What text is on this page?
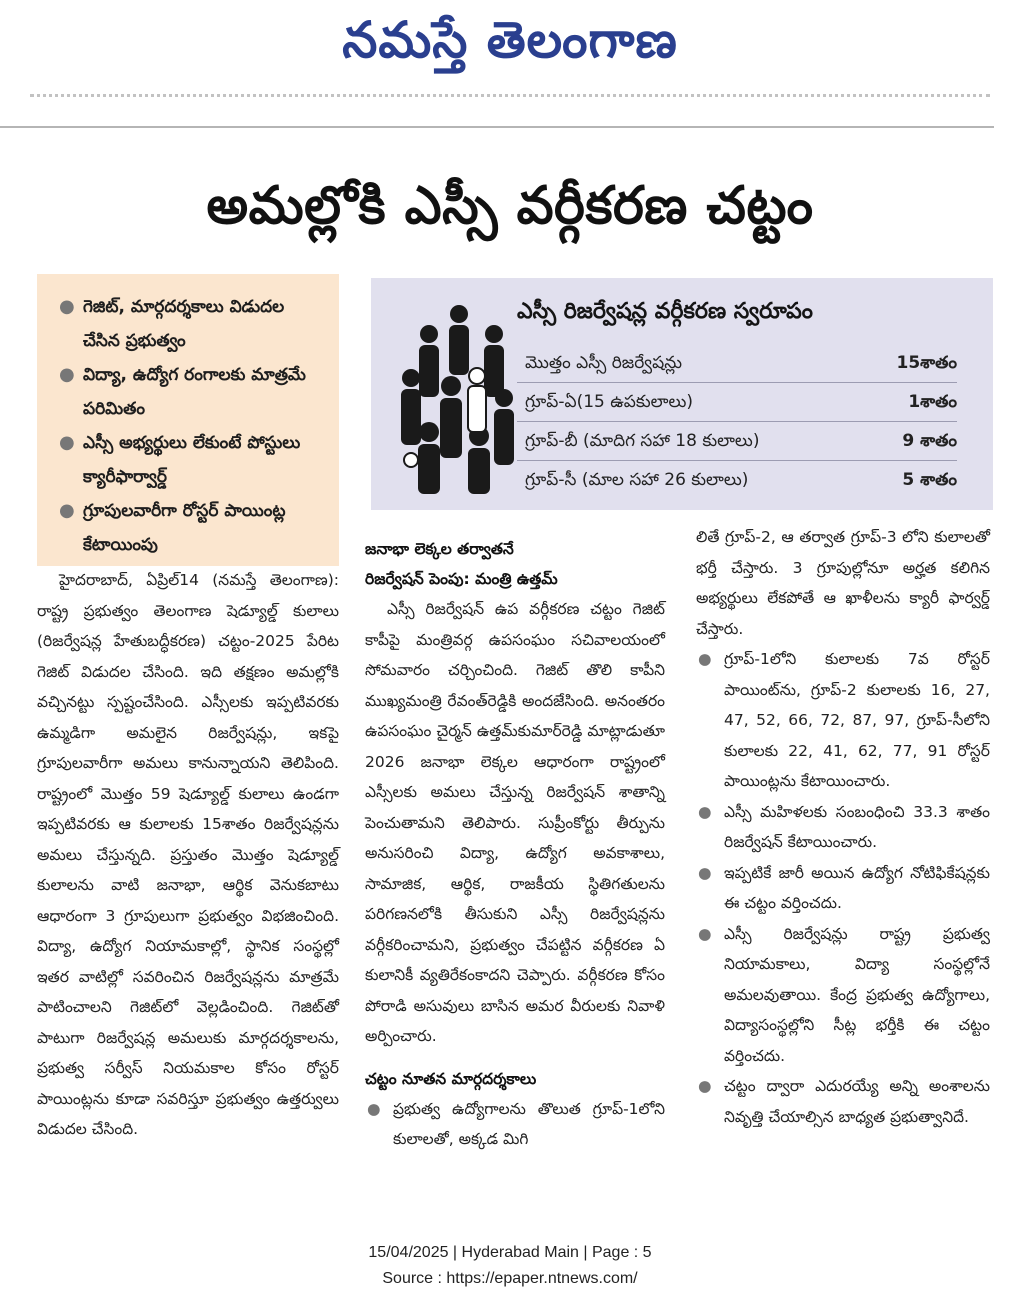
నమస్తే తెలంగాణ
అమల్లోకి ఎస్సీ వర్గీకరణ చట్టం
● గెజిట్, మార్గదర్శకాలు విడుదల చేసిన ప్రభుత్వం
● విద్యా, ఉద్యోగ రంగాలకు మాత్రమే పరిమితం
● ఎస్సీ అభ్యర్థులు లేకుంటే పోస్టులు క్యారీఫార్వార్డ్
● గ్రూపులవారీగా రోస్టర్ పాయింట్ల కేటాయింపు
ఎస్సీ రిజర్వేషన్ల వర్గీకరణ స్వరూపం
మొత్తం ఎస్సీ రిజర్వేషన్లు	15శాతం
గ్రూప్-ఏ(15 ఉపకులాలు)	1శాతం
గ్రూప్-బీ (మాదిగ సహా 18 కులాలు)	9 శాతం
గ్రూప్-సీ (మాల సహా 26 కులాలు)	5 శాతం

హైదరాబాద్, ఏప్రిల్14 (నమస్తే తెలంగాణ): రాష్ట్ర ప్రభుత్వం తెలంగాణ షెడ్యూల్డ్ కులాలు (రిజర్వేషన్ల హేతుబద్ధీకరణ) చట్టం-2025 పేరిట గెజిట్ విడుదల చేసింది. ఇది తక్షణం అమల్లోకి వచ్చినట్టు స్పష్టంచేసింది. ఎస్సీలకు ఇప్పటివరకు ఉమ్మడిగా అమలైన రిజర్వేషన్లు, ఇకపై గ్రూపులవారీగా అమలు కానున్నాయని తెలిపింది. రాష్ట్రంలో మొత్తం 59 షెడ్యూల్డ్ కులాలు ఉండగా ఇప్పటివరకు ఆ కులాలకు 15శాతం రిజర్వేషన్లను అమలు చేస్తున్నది. ప్రస్తుతం మొత్తం షెడ్యూల్డ్ కులాలను వాటి జనాభా, ఆర్థిక వెనుకబాటు ఆధారంగా 3 గ్రూపులుగా ప్రభుత్వం విభజించింది. విద్యా, ఉద్యోగ నియామకాల్లో, స్థానిక సంస్థల్లో ఇతర వాటిల్లో సవరించిన రిజర్వేషన్లను మాత్రమే పాటించాలని గెజిట్‌లో వెల్లడించింది. గెజిట్‌తో పాటుగా రిజర్వేషన్ల అమలుకు మార్గదర్శకాలను, ప్రభుత్వ సర్వీస్ నియమకాల కోసం రోస్టర్ పాయింట్లను కూడా సవరిస్తూ ప్రభుత్వం ఉత్తర్వులు విడుదల చేసింది.

జనాభా లెక్కల తర్వాతనే

రిజర్వేషన్ పెంపు: మంత్రి ఉత్తమ్

ఎస్సీ రిజర్వేషన్ ఉప వర్గీకరణ చట్టం గెజిట్ కాపీపై మంత్రివర్గ ఉపసంఘం సచివాలయంలో సోమవారం చర్చించింది. గెజిట్ తొలి కాపీని ముఖ్యమంత్రి రేవంత్‌రెడ్డికి అందజేసింది. అనంతరం ఉపసంఘం చైర్మన్ ఉత్తమ్‌కుమార్‌రెడ్డి మాట్లాడుతూ 2026 జనాభా లెక్కల ఆధారంగా రాష్ట్రంలో ఎస్సీలకు అమలు చేస్తున్న రిజర్వేషన్ శాతాన్ని పెంచుతామని తెలిపారు. సుప్రీంకోర్టు తీర్పును అనుసరించి విద్యా, ఉద్యోగ అవకాశాలు, సామాజిక, ఆర్థిక, రాజకీయ స్థితిగతులను పరిగణనలోకి తీసుకుని ఎస్సీ రిజర్వేషన్లను వర్గీకరించామని, ప్రభుత్వం చేపట్టిన వర్గీకరణ ఏ కులానికీ వ్యతిరేకంకాదని చెప్పారు. వర్గీకరణ కోసం పోరాడి అసువులు బాసిన అమర వీరులకు నివాళి అర్పించారు.

చట్టం నూతన మార్గదర్శకాలు

● ప్రభుత్వ ఉద్యోగాలను తొలుత గ్రూప్-1లోని కులాలతో, అక్కడ మిగి

లితే గ్రూప్-2, ఆ తర్వాత గ్రూప్-3 లోని కులాలతో భర్తీ చేస్తారు. 3 గ్రూపుల్లోనూ అర్హత కలిగిన అభ్యర్థులు లేకపోతే ఆ ఖాళీలను క్యారీ ఫార్వర్డ్ చేస్తారు.

● గ్రూప్-1లోని కులాలకు 7వ రోస్టర్ పాయింట్‌ను, గ్రూప్-2 కులాలకు 16, 27, 47, 52, 66, 72, 87, 97, గ్రూప్-సీలోని కులాలకు 22, 41, 62, 77, 91 రోస్టర్ పాయింట్లను కేటాయించారు.
● ఎస్సీ మహిళలకు సంబంధించి 33.3 శాతం రిజర్వేషన్ కేటాయించారు.
● ఇప్పటికే జారీ అయిన ఉద్యోగ నోటిఫికేషన్లకు ఈ చట్టం వర్తించదు.
● ఎస్సీ రిజర్వేషన్లు రాష్ట్ర ప్రభుత్వ నియామకాలు, విద్యా సంస్థల్లోనే అమలవుతాయి. కేంద్ర ప్రభుత్వ ఉద్యోగాలు, విద్యాసంస్థల్లోని సీట్ల భర్తీకి ఈ చట్టం వర్తించదు.
● చట్టం ద్వారా ఎదురయ్యే అన్ని అంశాలను నివృత్తి చేయాల్సిన బాధ్యత ప్రభుత్వానిదే.
15/04/2025 | Hyderabad Main | Page : 5
Source : https://epaper.ntnews.com/
